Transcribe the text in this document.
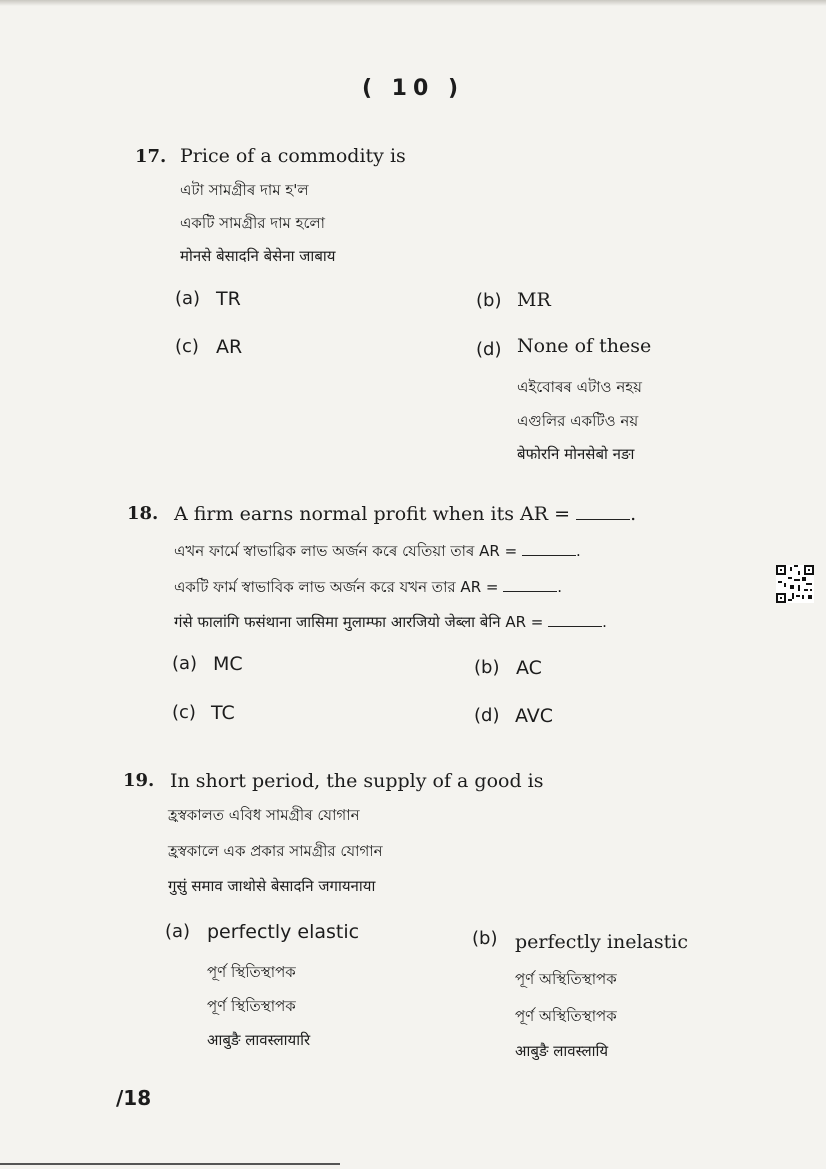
( 10 )
17. Price of a commodity is
এটা সামগ্ৰীৰ দাম হ'ল
একটি সামগ্রীর দাম হলো
मोनसे बेसादनि बेसेना जाबाय
(a) TR	(b) MR
(c) AR	(d) None of these
এইবোৰৰ এটাও নহয়
এগুলির একটিও নয়
बेफोरनि मोनसेबो नङा
18. A firm earns normal profit when its AR =	.
এখন ফাৰ্মে স্বাভাৱিক লাভ অৰ্জন কৰে যেতিয়া তাৰ AR =	.
একটি ফার্ম স্বাভাবিক লাভ অর্জন করে যখন তার AR =	.
गंसे फालांगि फसंथाना जासिमा मुलाम्फा आरजियो जेब्ला बेनि AR =	.
(a) MC	(b) AC
(c) TC	(d) AVC
19. In short period, the supply of a good is
হ্ৰস্বকালত এবিধ সামগ্ৰীৰ যোগান
হ্রস্বকালে এক প্রকার সামগ্রীর যোগান
गुसुं समाव जाथोसे बेसादनि जगायनाया
(a) perfectly elastic
পূৰ্ণ স্থিতিস্থাপক
পূর্ণ স্থিতিস্থাপক
आबुङै लावस्लायारि
(b) perfectly inelastic
পূৰ্ণ অস্থিতিস্থাপক
পূর্ণ অস্থিতিস্থাপক
आबुङै लावस्लायि
/18
